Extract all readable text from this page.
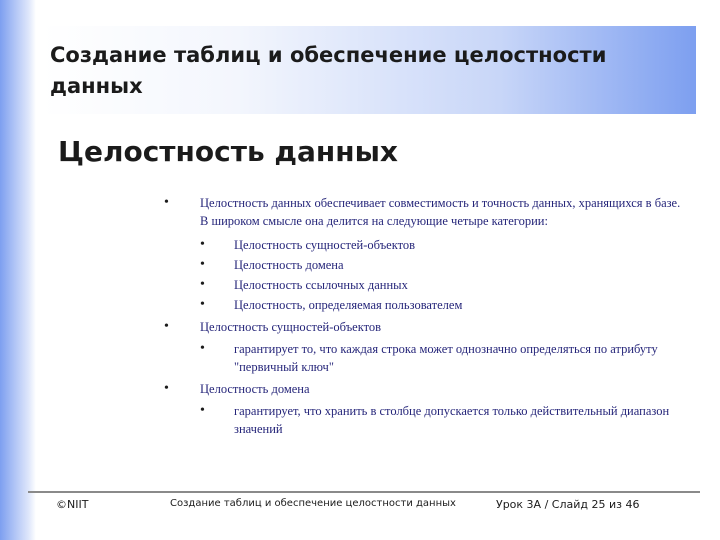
Создание таблиц и обеспечение целостности данных
Целостность данных
• Целостность данных обеспечивает совместимость и точность данных, хранящихся в базе. В широком смысле она делится на следующие четыре категории:
• Целостность сущностей-объектов
• Целостность домена
• Целостность ссылочных данных
• Целостность, определяемая пользователем
• Целостность сущностей-объектов
• гарантирует то, что каждая строка может однозначно определяться по атрибуту "первичный ключ"
• Целостность домена
• гарантирует, что хранить в столбце допускается только действительный диапазон значений
©NIIT	Создание таблиц и обеспечение целостности данных	Урок 3A / Слайд 25 из 46
